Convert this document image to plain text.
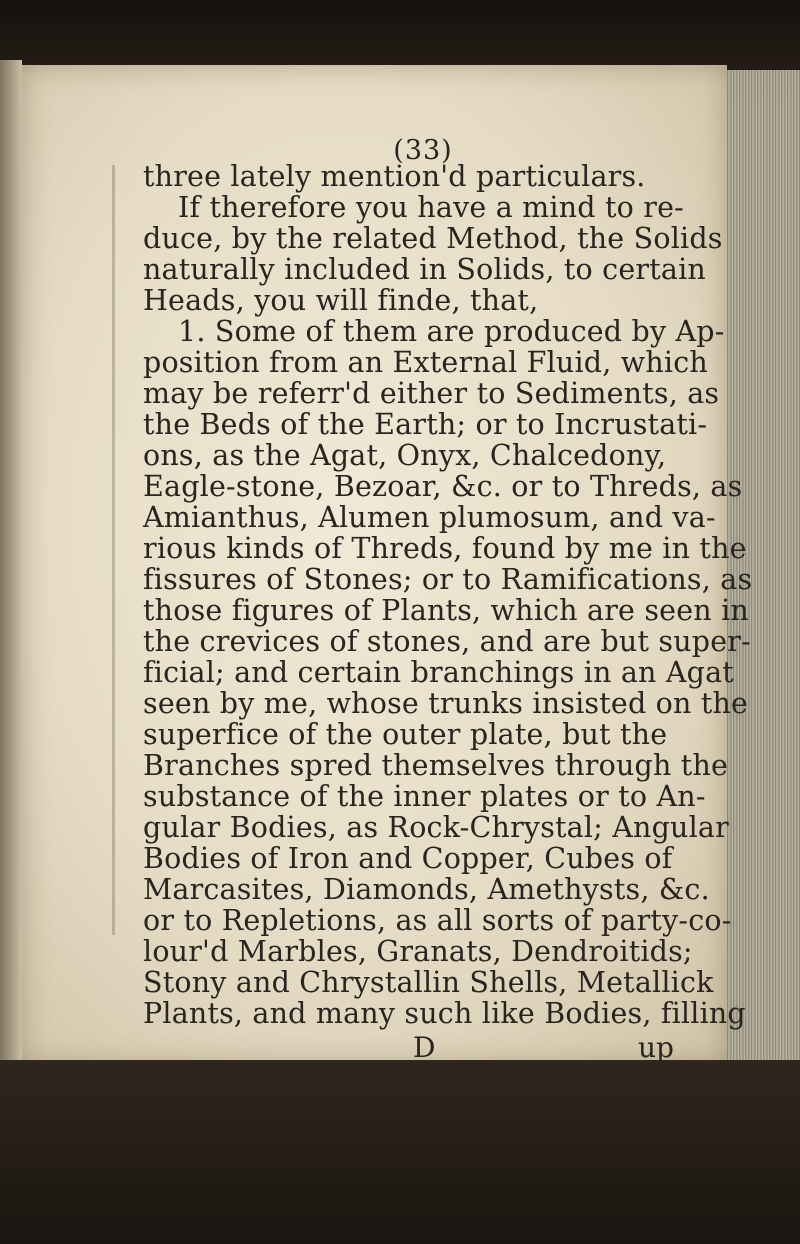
(33)
three lately mention'd particulars.
If therefore you have a mind to re-
duce, by the related Method, the Solids
naturally included in Solids, to certain
Heads, you will finde, that,
1. Some of them are produced by Ap-
position from an External Fluid, which
may be referr'd either to Sediments, as
the Beds of the Earth; or to Incrustati-
ons, as the Agat, Onyx, Chalcedony,
Eagle-stone, Bezoar, &c. or to Threds, as
Amianthus, Alumen plumosum, and va-
rious kinds of Threds, found by me in the
fissures of Stones; or to Ramifications, as
those figures of Plants, which are seen in
the crevices of stones, and are but super-
ficial; and certain branchings in an Agat
seen by me, whose trunks insisted on the
superfice of the outer plate, but the
Branches spred themselves through the
substance of the inner plates or to An-
gular Bodies, as Rock-Chrystal; Angular
Bodies of Iron and Copper, Cubes of
Marcasites, Diamonds, Amethysts, &c.
or to Repletions, as all sorts of party-co-
lour'd Marbles, Granats, Dendroitids;
Stony and Chrystallin Shells, Metallick
Plants, and many such like Bodies, filling
D	up
